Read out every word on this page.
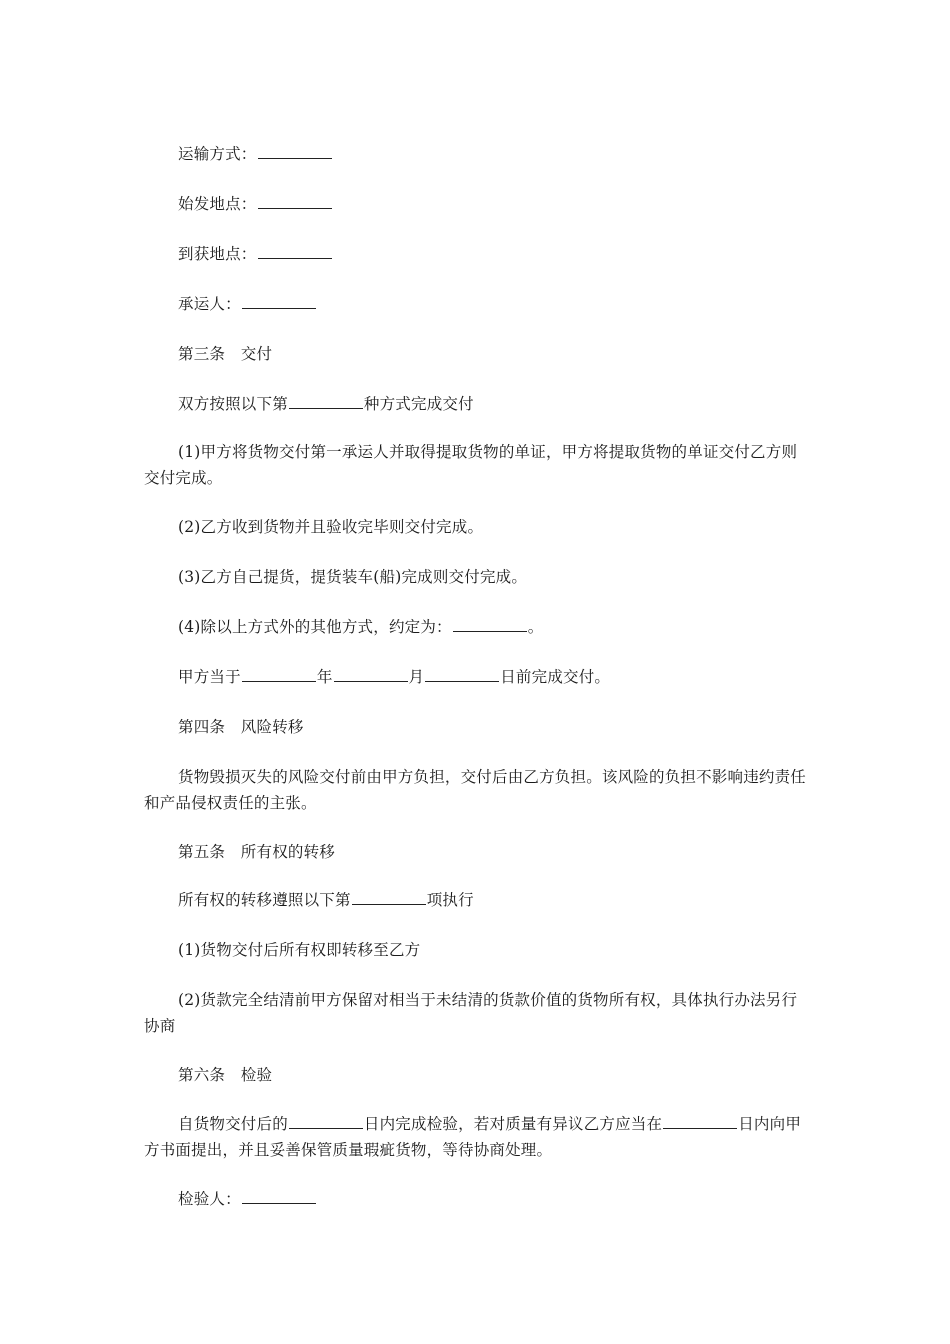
运输方式：
始发地点：
到获地点：
承运人：
第三条　交付
双方按照以下第	种方式完成交付
(1)甲方将货物交付第一承运人并取得提取货物的单证，甲方将提取货物的单证交付乙方则交付完成。
(2)乙方收到货物并且验收完毕则交付完成。
(3)乙方自己提货，提货装车(船)完成则交付完成。
(4)除以上方式外的其他方式，约定为：	。
甲方当于	年	月	日前完成交付。
第四条　风险转移
货物毁损灭失的风险交付前由甲方负担，交付后由乙方负担。该风险的负担不影响违约责任和产品侵权责任的主张。
第五条　所有权的转移
所有权的转移遵照以下第	项执行
(1)货物交付后所有权即转移至乙方
(2)货款完全结清前甲方保留对相当于未结清的货款价值的货物所有权，具体执行办法另行协商
第六条　检验
自货物交付后的	日内完成检验，若对质量有异议乙方应当在	日内向甲方书面提出，并且妥善保管质量瑕疵货物，等待协商处理。
检验人：
